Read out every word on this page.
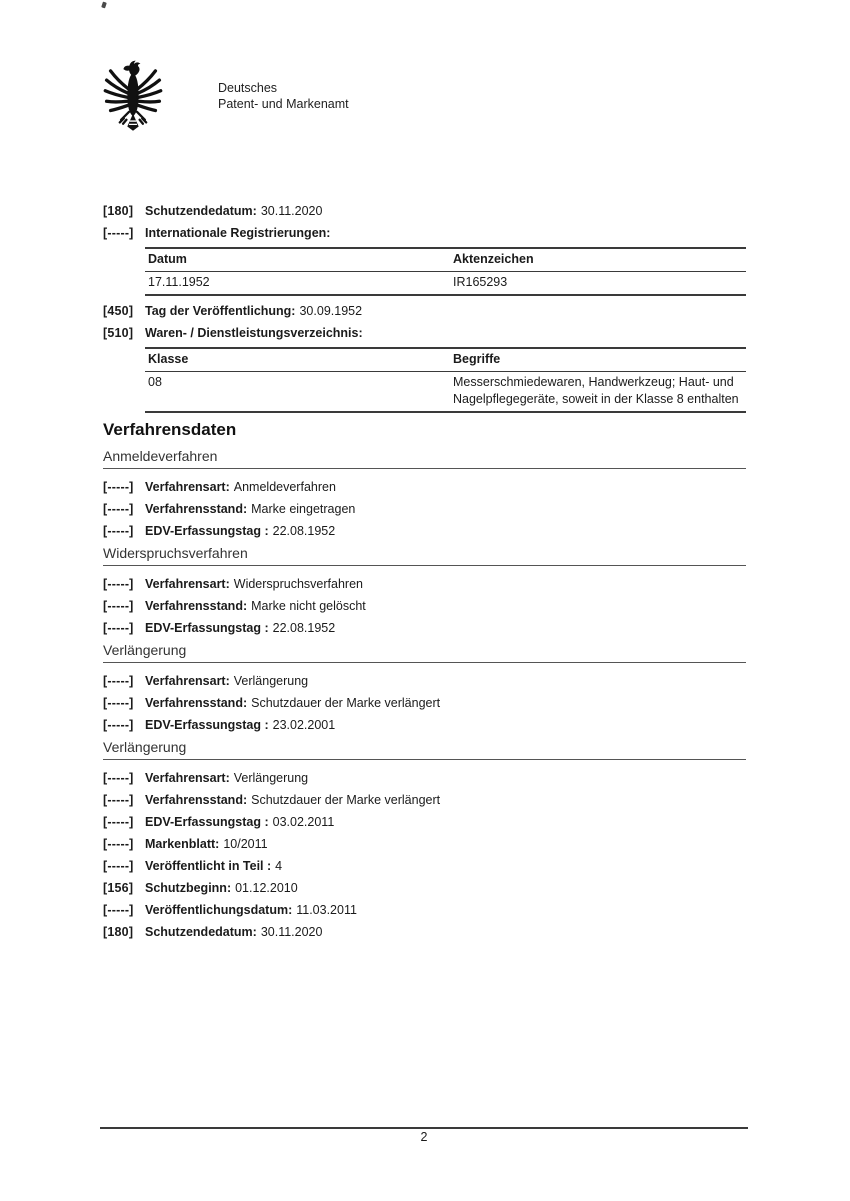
Deutsches
Patent- und Markenamt
[180] Schutzendedatum: 30.11.2020
[-----] Internationale Registrierungen:
Datum	Aktenzeichen
17.11.1952	IR165293
[450] Tag der Veröffentlichung: 30.09.1952
[510] Waren- / Dienstleistungsverzeichnis:
Klasse	Begriffe
08	Messerschmiedewaren, Handwerkzeug; Haut- und Nagelpflegegeräte, soweit in der Klasse 8 enthalten
Verfahrensdaten
Anmeldeverfahren
[-----] Verfahrensart: Anmeldeverfahren
[-----] Verfahrensstand: Marke eingetragen
[-----] EDV-Erfassungstag : 22.08.1952
Widerspruchsverfahren
[-----] Verfahrensart: Widerspruchsverfahren
[-----] Verfahrensstand: Marke nicht gelöscht
[-----] EDV-Erfassungstag : 22.08.1952
Verlängerung
[-----] Verfahrensart: Verlängerung
[-----] Verfahrensstand: Schutzdauer der Marke verlängert
[-----] EDV-Erfassungstag : 23.02.2001
Verlängerung
[-----] Verfahrensart: Verlängerung
[-----] Verfahrensstand: Schutzdauer der Marke verlängert
[-----] EDV-Erfassungstag : 03.02.2011
[-----] Markenblatt: 10/2011
[-----] Veröffentlicht in Teil : 4
[156] Schutzbeginn: 01.12.2010
[-----] Veröffentlichungsdatum: 11.03.2011
[180] Schutzendedatum: 30.11.2020
2
